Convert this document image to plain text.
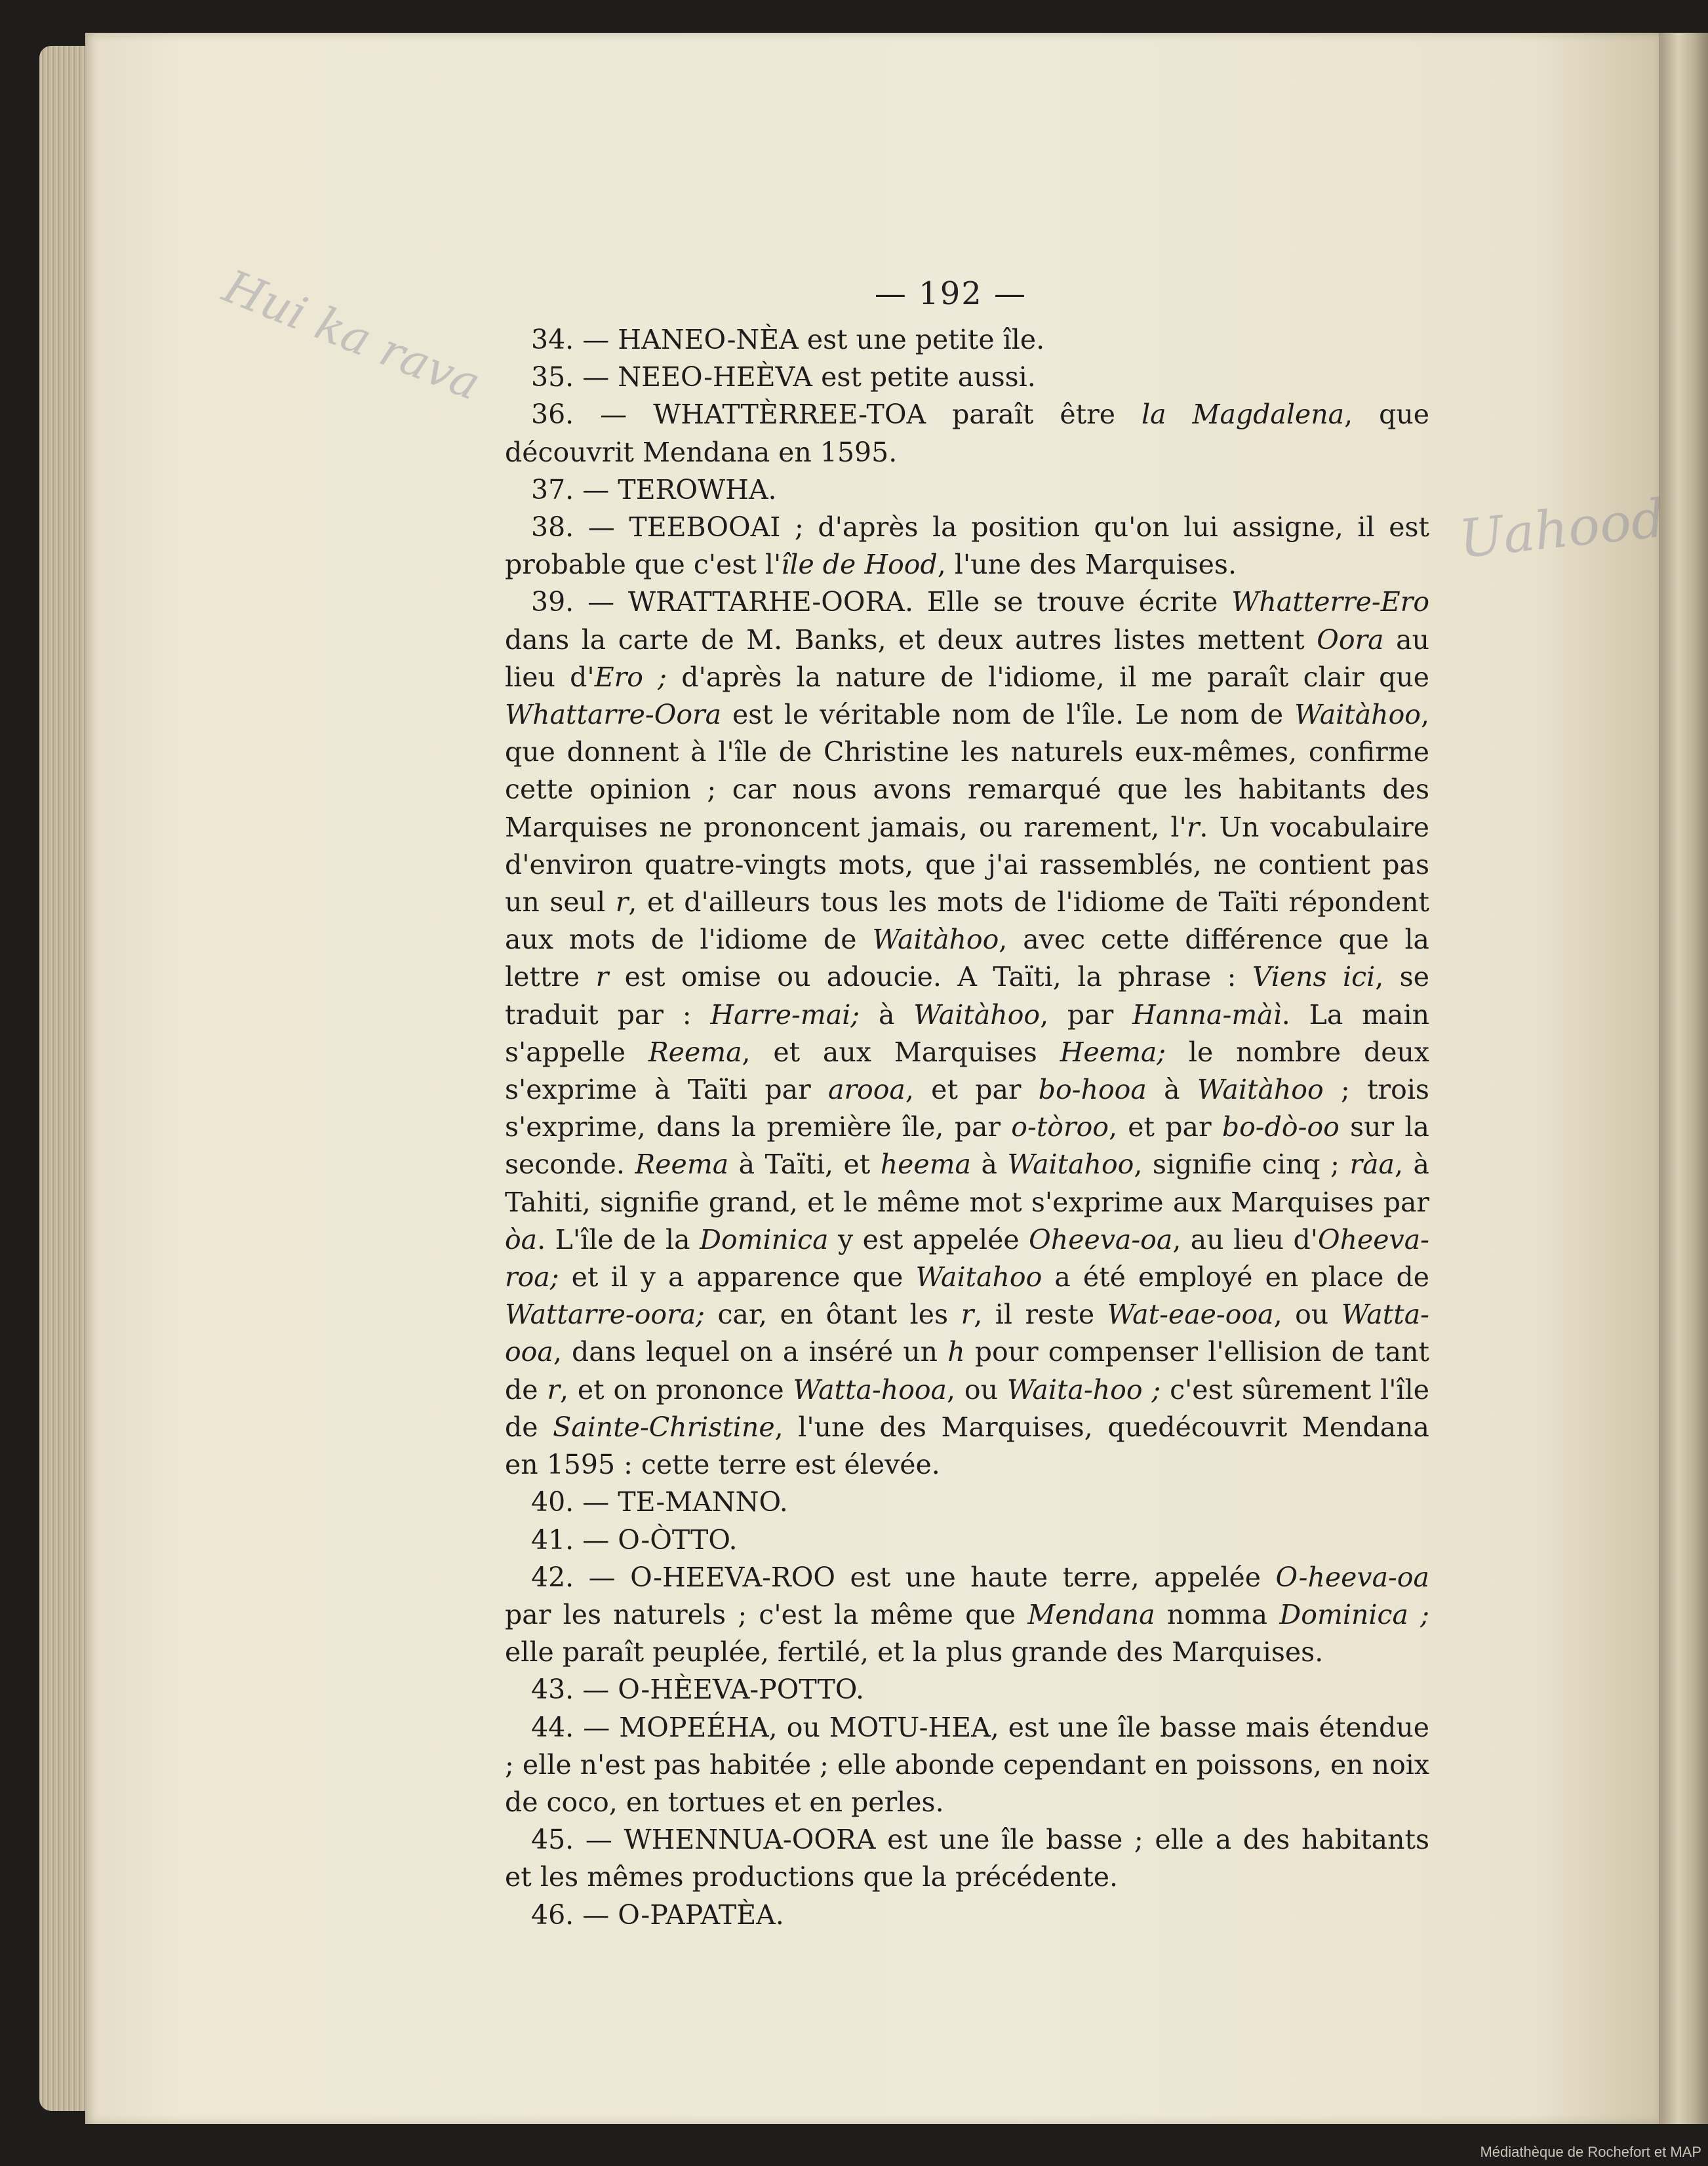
Hui ka rava
Uahood
— 192 —

34. — HANEO-NÈA est une petite île.

35. — NEEO-HEÈVA est petite aussi.

36. — WHATTÈRREE-TOA paraît être la Magdalena, que découvrit Mendana en 1595.

37. — TEROWHA.

38. — TEEBOOAI ; d'après la position qu'on lui assigne, il est probable que c'est l'île de Hood, l'une des Marquises.

39. — WRATTARHE-OORA. Elle se trouve écrite Whatterre-Ero dans la carte de M. Banks, et deux autres listes mettent Oora au lieu d'Ero ; d'après la nature de l'idiome, il me paraît clair que Whattarre-Oora est le véritable nom de l'île. Le nom de Waitàhoo, que donnent à l'île de Christine les naturels eux-mêmes, confirme cette opinion ; car nous avons remarqué que les habitants des Marquises ne prononcent jamais, ou rarement, l'r. Un vocabulaire d'environ quatre-vingts mots, que j'ai rassemblés, ne contient pas un seul r, et d'ailleurs tous les mots de l'idiome de Taïti répondent aux mots de l'idiome de Waitàhoo, avec cette différence que la lettre r est omise ou adoucie. A Taïti, la phrase : Viens ici, se traduit par : Harre-mai; à Waitàhoo, par Hanna-màì. La main s'appelle Reema, et aux Marquises Heema; le nombre deux s'exprime à Taïti par arooa, et par bo-hooa à Waitàhoo ; trois s'exprime, dans la première île, par o-tòroo, et par bo-dò-oo sur la seconde. Reema à Taïti, et heema à Waitahoo, signifie cinq ; ràa, à Tahiti, signifie grand, et le même mot s'exprime aux Marquises par òa. L'île de la Dominica y est appelée Oheeva-oa, au lieu d'Oheeva-roa; et il y a apparence que Waitahoo a été employé en place de Wattarre-oora; car, en ôtant les r, il reste Wat-eae-ooa, ou Watta-ooa, dans lequel on a inséré un h pour compenser l'ellision de tant de r, et on prononce Watta-hooa, ou Waita-hoo ; c'est sûrement l'île de Sainte-Christine, l'une des Marquises, quedécouvrit Mendana en 1595 : cette terre est élevée.

40. — TE-MANNO.

41. — O-ÒTTO.

42. — O-HEEVA-ROO est une haute terre, appelée O-heeva-oa par les naturels ; c'est la même que Mendana nomma Dominica ; elle paraît peuplée, fertilé, et la plus grande des Marquises.

43. — O-HÈEVA-POTTO.

44. — MOPEÉHA, ou MOTU-HEA, est une île basse mais étendue ; elle n'est pas habitée ; elle abonde cependant en poissons, en noix de coco, en tortues et en perles.

45. — WHENNUA-OORA est une île basse ; elle a des habitants et les mêmes productions que la précédente.

46. — O-PAPATÈA.

Médiathèque de Rochefort et MAP
